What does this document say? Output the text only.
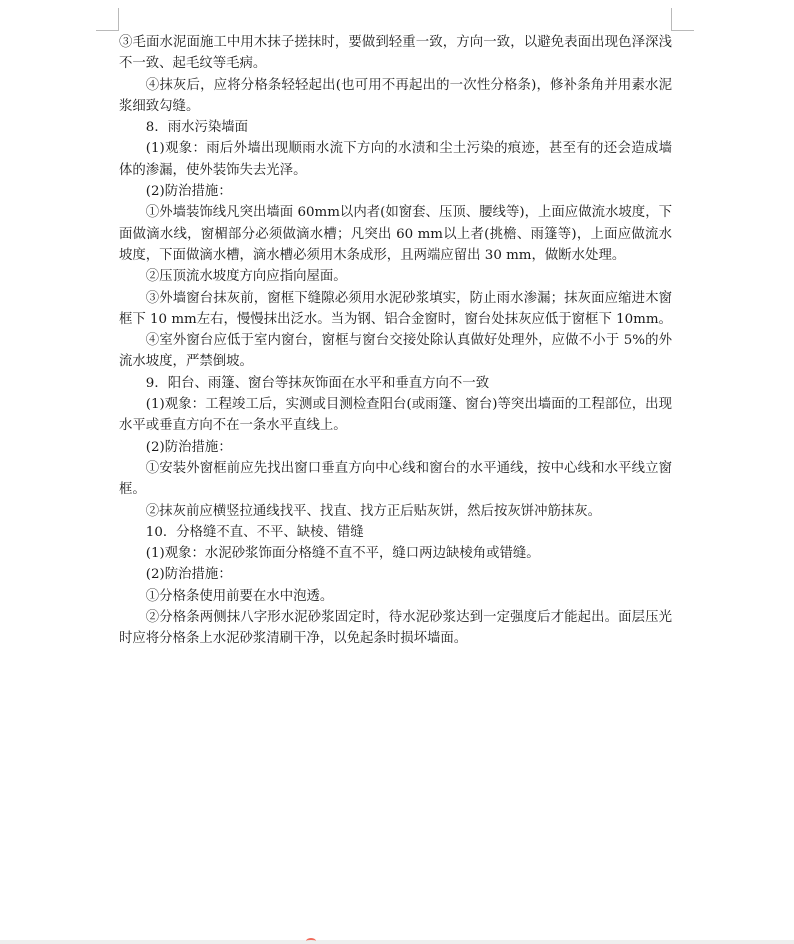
③毛面水泥面施工中用木抹子搓抹时，要做到轻重一致，方向一致，以避免表面出现色泽深浅不一致、起毛纹等毛病。

④抹灰后，应将分格条轻轻起出(也可用不再起出的一次性分格条)，修补条角并用素水泥浆细致勾缝。

8．雨水污染墙面

(1)观象：雨后外墙出现顺雨水流下方向的水渍和尘土污染的痕迹，甚至有的还会造成墙体的渗漏，使外装饰失去光泽。

(2)防治措施：

①外墙装饰线凡突出墙面 60mm以内者(如窗套、压顶、腰线等)，上面应做流水坡度，下面做滴水线，窗楣部分必须做滴水槽；凡突出 60 mm以上者(挑檐、雨篷等)，上面应做流水坡度，下面做滴水槽，滴水槽必须用木条成形，且两端应留出 30 mm，做断水处理。

②压顶流水坡度方向应指向屋面。

③外墙窗台抹灰前，窗框下缝隙必须用水泥砂浆填实，防止雨水渗漏；抹灰面应缩进木窗框下 10 mm左右，慢慢抹出泛水。当为钢、铝合金窗时，窗台处抹灰应低于窗框下 10mm。

④室外窗台应低于室内窗台，窗框与窗台交接处除认真做好处理外，应做不小于 5%的外流水坡度，严禁倒坡。

9．阳台、雨篷、窗台等抹灰饰面在水平和垂直方向不一致

(1)观象：工程竣工后，实测或目测检查阳台(或雨篷、窗台)等突出墙面的工程部位，出现水平或垂直方向不在一条水平直线上。

(2)防治措施：

①安装外窗框前应先找出窗口垂直方向中心线和窗台的水平通线，按中心线和水平线立窗框。

②抹灰前应横竖拉通线找平、找直、找方正后贴灰饼，然后按灰饼冲筋抹灰。

10．分格缝不直、不平、缺棱、错缝

(1)观象：水泥砂浆饰面分格缝不直不平，缝口两边缺棱角或错缝。

(2)防治措施：

①分格条使用前要在水中泡透。

②分格条两侧抹八字形水泥砂浆固定时，待水泥砂浆达到一定强度后才能起出。面层压光时应将分格条上水泥砂浆清刷干净，以免起条时损坏墙面。
